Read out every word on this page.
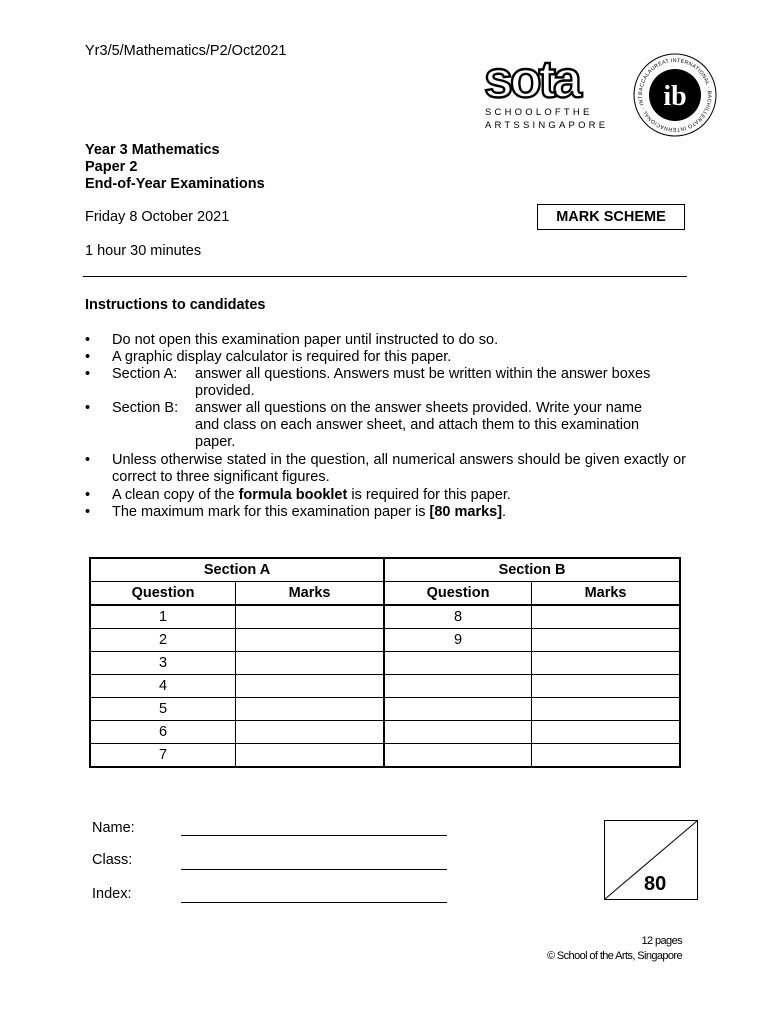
Yr3/5/Mathematics/P2/Oct2021	sota
SCHOOLOFTHE
ARTSSINGAPORE
BACCALAURÉAT INTERNATIONAL · BACHILLERATO INTERNACIONAL · INT ib
Year 3 Mathematics
Paper 2
End-of-Year Examinations
Friday 8 October 2021	MARK SCHEME
1 hour 30 minutes
Instructions to candidates
• Do not open this examination paper until instructed to do so.
• A graphic display calculator is required for this paper.
• Section A:	answer all questions. Answers must be written within the answer boxes
provided.
• Section B:	answer all questions on the answer sheets provided. Write your name
and class on each answer sheet, and attach them to this examination
paper.
• Unless otherwise stated in the question, all numerical answers should be given exactly or correct to three significant figures.
• A clean copy of the formula booklet is required for this paper.
• The maximum mark for this examination paper is [80 marks].
Section A		Section B	
Question	Marks	Question	Marks
1		8	
2		9	
3			
4			
5			
6			
7			
Name:
Class:
Index:	80
12 pages
© School of the Arts, Singapore
